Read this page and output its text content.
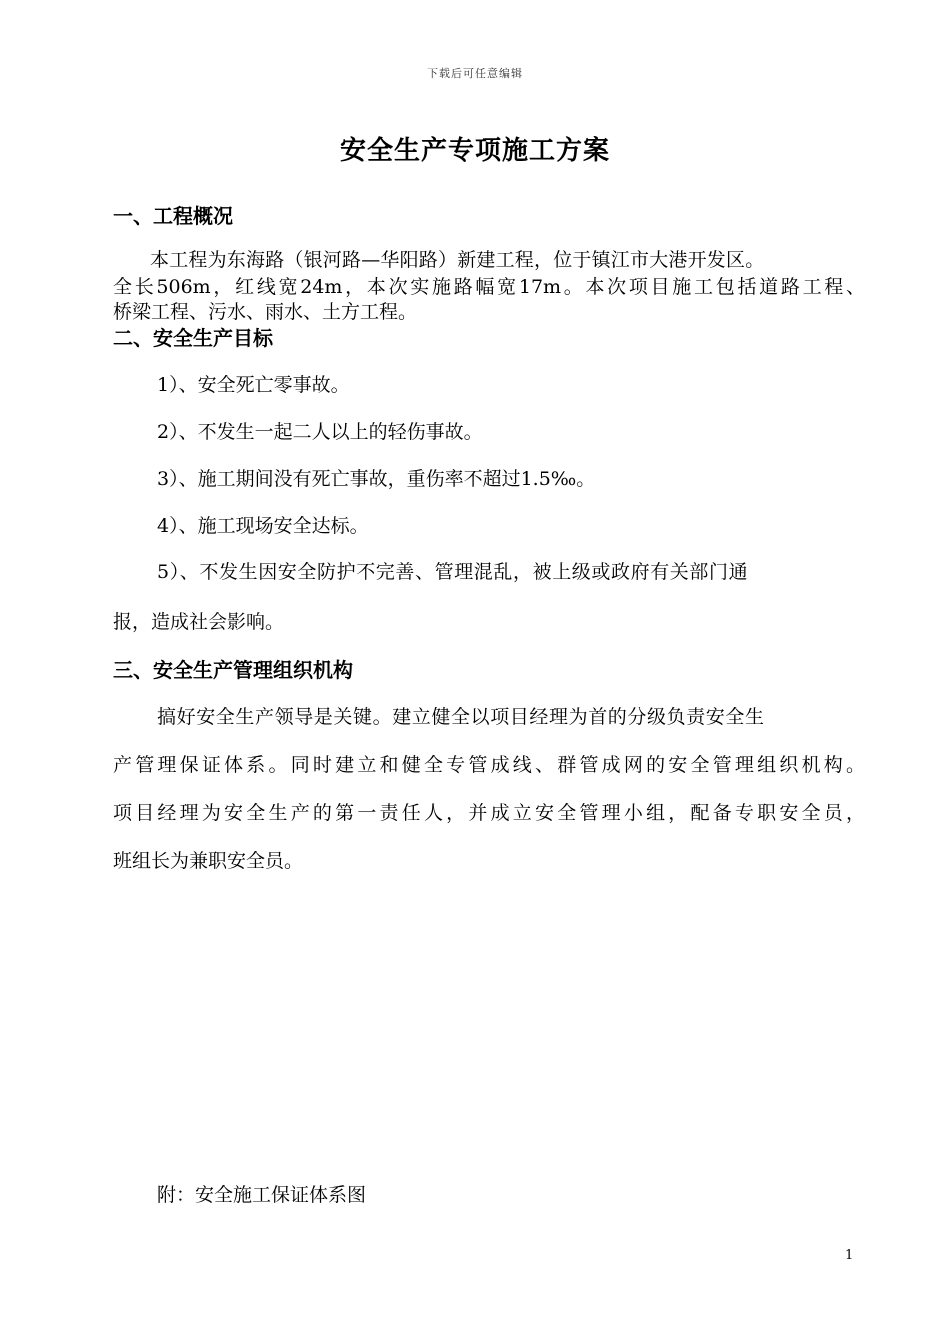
下载后可任意编辑
安全生产专项施工方案
一、工程概况
本工程为东海路（银河路—华阳路）新建工程，位于镇江市大港开发区。
全长506m，红线宽24m，本次实施路幅宽17m。本次项目施工包括道路工程、
桥梁工程、污水、雨水、土方工程。
二、安全生产目标
1）、安全死亡零事故。
2）、不发生一起二人以上的轻伤事故。
3）、施工期间没有死亡事故，重伤率不超过1.5‰。
4）、施工现场安全达标。
5）、不发生因安全防护不完善、管理混乱，被上级或政府有关部门通
报，造成社会影响。
三、安全生产管理组织机构
搞好安全生产领导是关键。建立健全以项目经理为首的分级负责安全生
产管理保证体系。同时建立和健全专管成线、群管成网的安全管理组织机构。
项目经理为安全生产的第一责任人，并成立安全管理小组，配备专职安全员，
班组长为兼职安全员。
附：安全施工保证体系图
1
